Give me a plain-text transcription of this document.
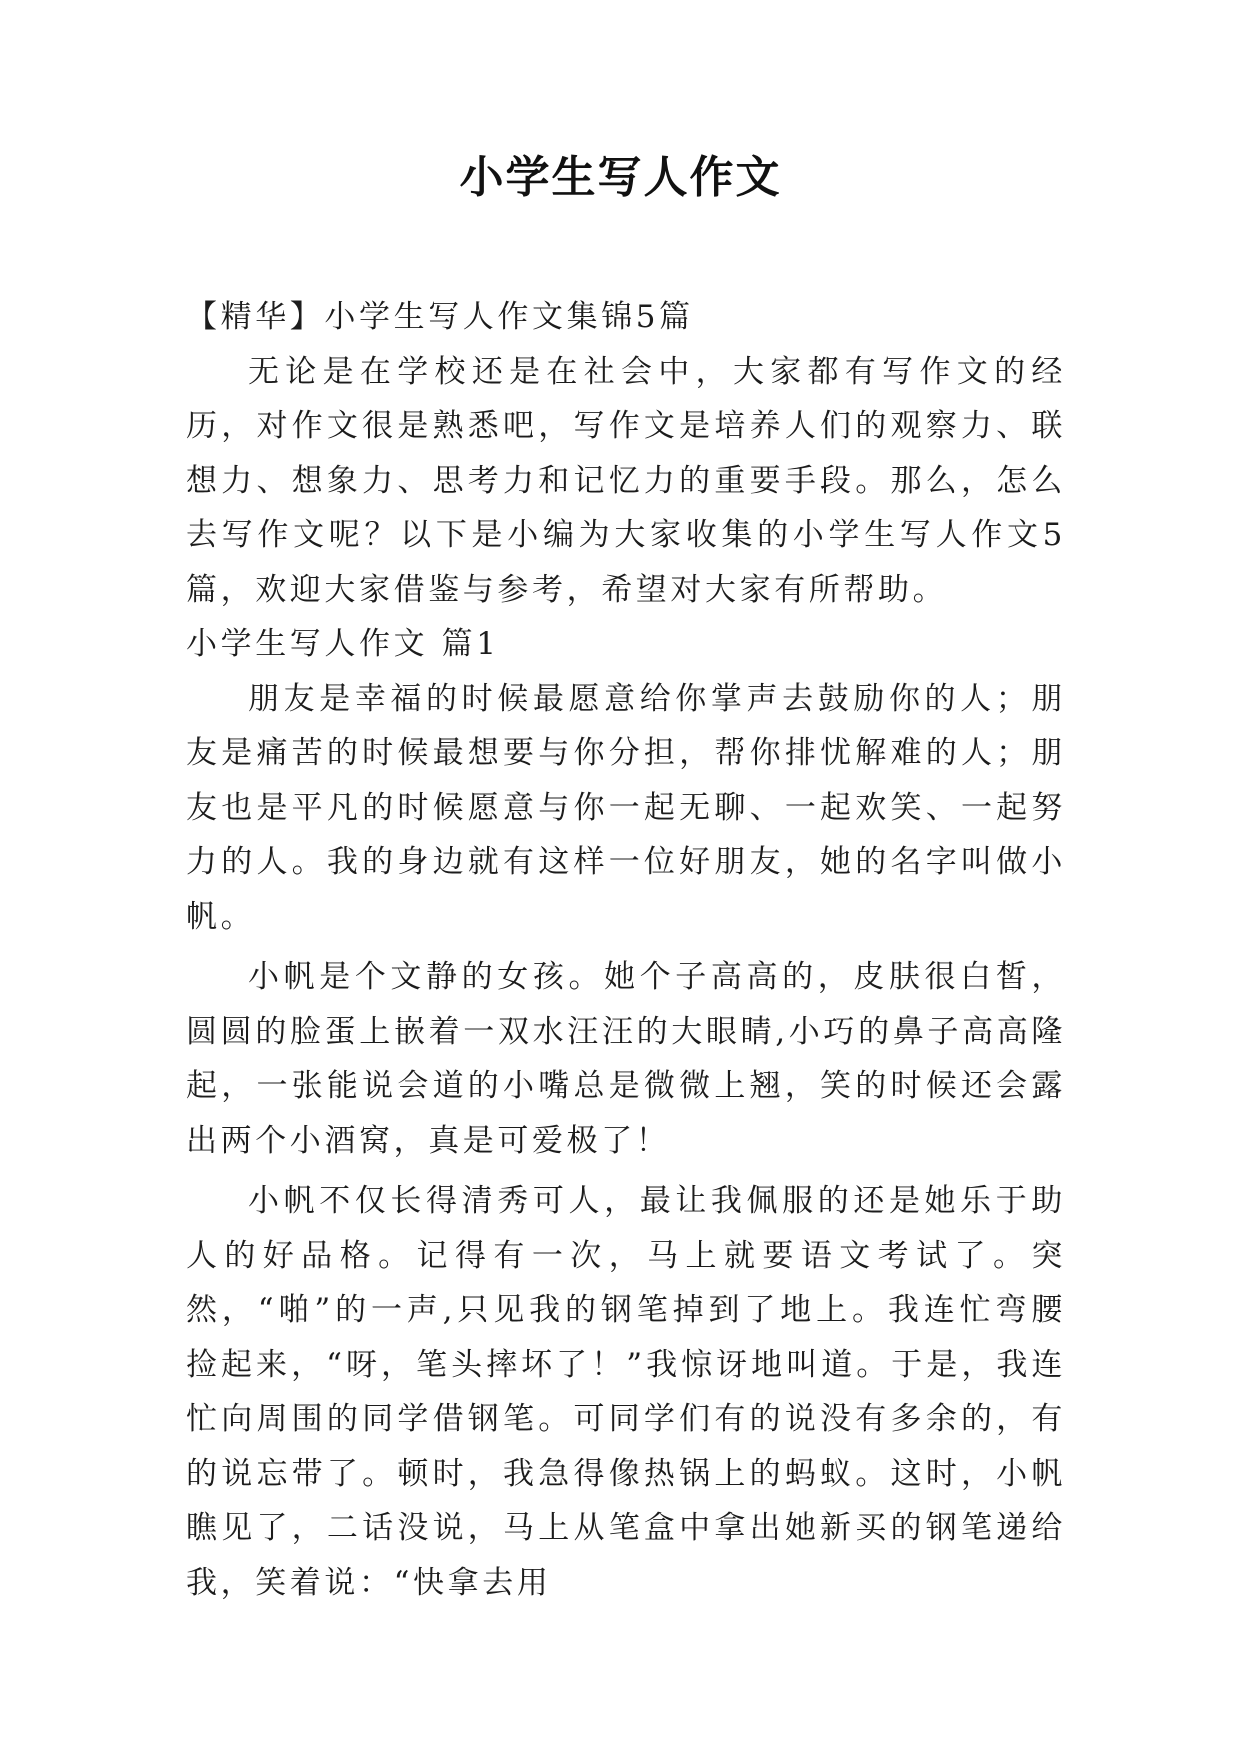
小学生写人作文

【精华】小学生写人作文集锦5篇

无论是在学校还是在社会中，大家都有写作文的经历，对作文很是熟悉吧，写作文是培养人们的观察力、联想力、想象力、思考力和记忆力的重要手段。那么，怎么去写作文呢？以下是小编为大家收集的小学生写人作文5篇，欢迎大家借鉴与参考，希望对大家有所帮助。

小学生写人作文 篇1

朋友是幸福的时候最愿意给你掌声去鼓励你的人；朋友是痛苦的时候最想要与你分担，帮你排忧解难的人；朋友也是平凡的时候愿意与你一起无聊、一起欢笑、一起努力的人。我的身边就有这样一位好朋友，她的名字叫做小帆。

小帆是个文静的女孩。她个子高高的，皮肤很白皙，圆圆的脸蛋上嵌着一双水汪汪的大眼睛,小巧的鼻子高高隆起，一张能说会道的小嘴总是微微上翘，笑的时候还会露出两个小酒窝，真是可爱极了！

小帆不仅长得清秀可人，最让我佩服的还是她乐于助人的好品格。记得有一次，马上就要语文考试了。突然，“啪”的一声,只见我的钢笔掉到了地上。我连忙弯腰捡起来，“呀，笔头摔坏了！”我惊讶地叫道。于是，我连忙向周围的同学借钢笔。可同学们有的说没有多余的，有的说忘带了。顿时，我急得像热锅上的蚂蚁。这时，小帆瞧见了，二话没说，马上从笔盒中拿出她新买的钢笔递给我，笑着说：“快拿去用
